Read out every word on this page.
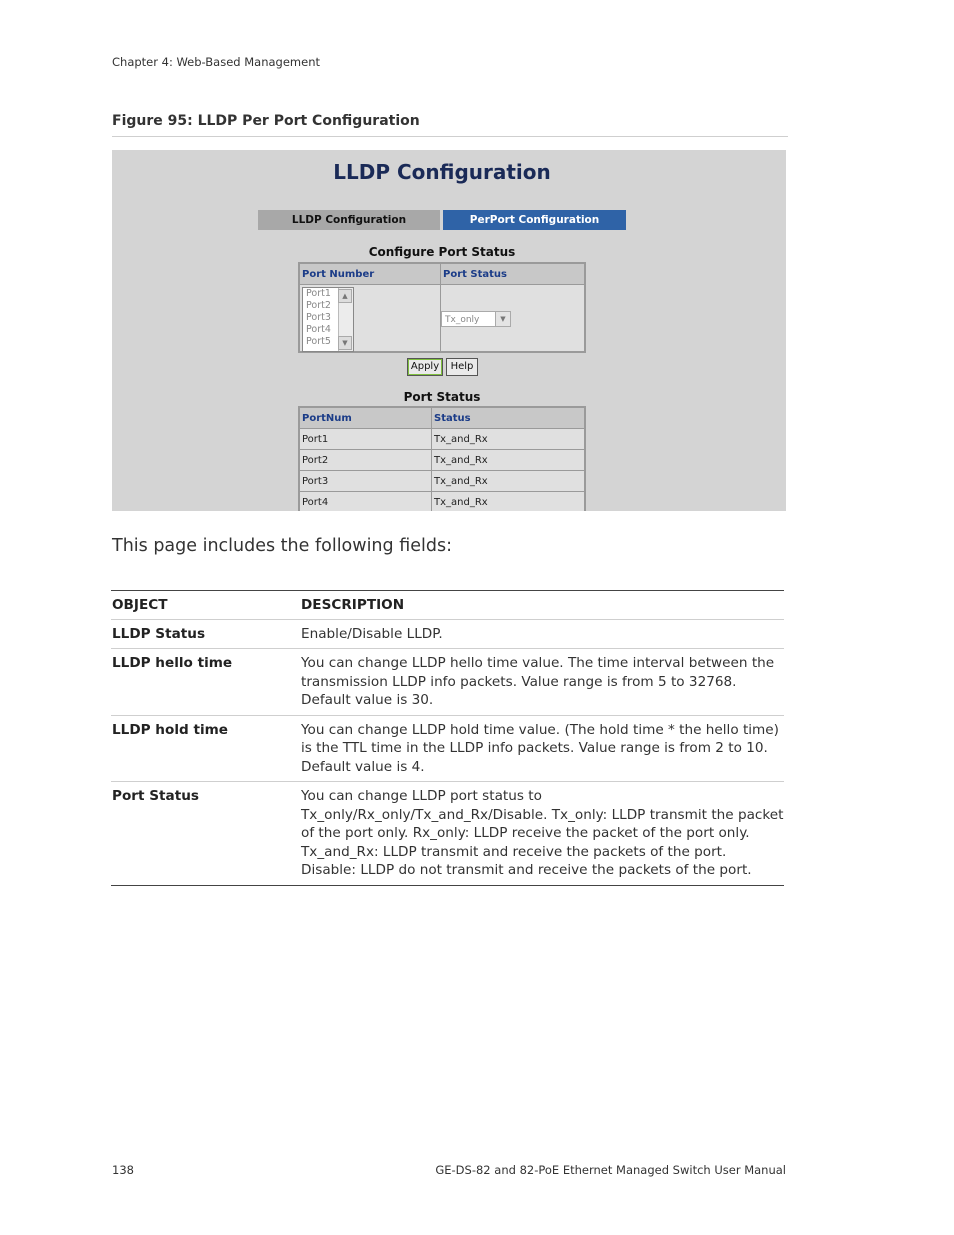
Chapter 4: Web-Based Management
Figure 95: LLDP Per Port Configuration
LLDP Configuration
LLDP Configuration	PerPort Configuration
Configure Port Status
Port Number	Port Status

Port1
Port2
Port3
Port4
Port5
▲
▼
Tx_only	▼
Apply	Help
Port Status
PortNum	Status
Port1	Tx_and_Rx
Port2	Tx_and_Rx
Port3	Tx_and_Rx
Port4	Tx_and_Rx
This page includes the following fields:
OBJECT	DESCRIPTION
LLDP Status	Enable/Disable LLDP.
LLDP hello time	You can change LLDP hello time value. The time interval between the transmission LLDP info packets. Value range is from 5 to 32768. Default value is 30.
LLDP hold time	You can change LLDP hold time value. (The hold time * the hello time) is the TTL time in the LLDP info packets. Value range is from 2 to 10. Default value is 4.
Port Status	You can change LLDP port status to Tx_only/Rx_only/Tx_and_Rx/Disable. Tx_only: LLDP transmit the packet of the port only. Rx_only: LLDP receive the packet of the port only. Tx_and_Rx: LLDP transmit and receive the packets of the port. Disable: LLDP do not transmit and receive the packets of the port.
138	GE-DS-82 and 82-PoE Ethernet Managed Switch User Manual
